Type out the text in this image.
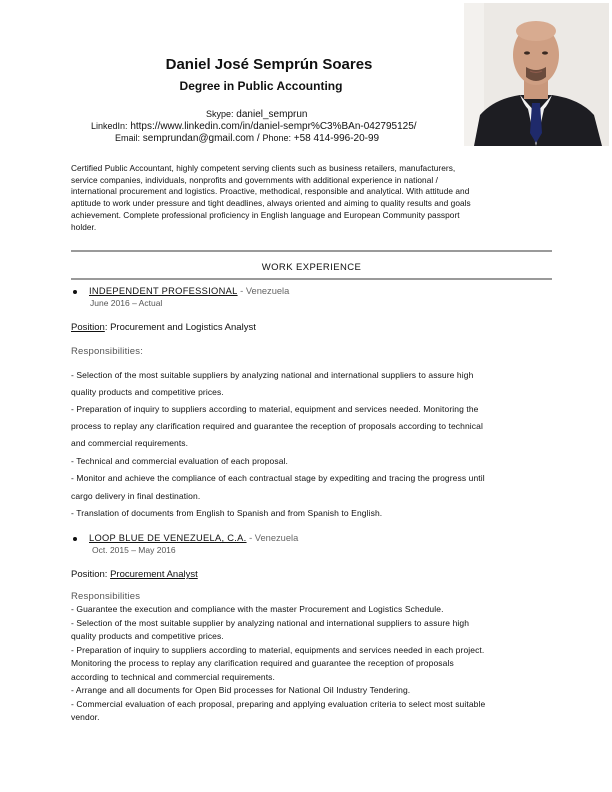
Daniel José Semprún Soares
Degree in Public Accounting
Skype: daniel_semprun
LinkedIn: https://www.linkedin.com/in/daniel-sempr%C3%BAn-042795125/
Email: semprundan@gmail.com / Phone: +58 414-996-20-99
Certified Public Accountant, highly competent serving clients such as business retailers, manufacturers,
service companies, individuals, nonprofits and governments with additional experience in national /
international procurement and logistics. Proactive, methodical, responsible and analytical. With attitude and
aptitude to work under pressure and tight deadlines, always oriented and aiming to quality results and goals
achievement. Complete professional proficiency in English language and European Community passport
holder.
WORK EXPERIENCE
INDEPENDENT PROFESSIONAL - Venezuela
June 2016 – Actual
Position: Procurement and Logistics Analyst
Responsibilities:
- Selection of the most suitable suppliers by analyzing national and international suppliers to assure high
quality products and competitive prices.
- Preparation of inquiry to suppliers according to material, equipment and services needed. Monitoring the
process to replay any clarification required and guarantee the reception of proposals according to technical
and commercial requirements.
- Technical and commercial evaluation of each proposal.
- Monitor and achieve the compliance of each contractual stage by expediting and tracing the progress until
cargo delivery in final destination.
- Translation of documents from English to Spanish and from Spanish to English.
LOOP BLUE DE VENEZUELA, C.A. - Venezuela
Oct. 2015 – May 2016
Position: Procurement Analyst
Responsibilities
- Guarantee the execution and compliance with the master Procurement and Logistics Schedule.
- Selection of the most suitable supplier by analyzing national and international suppliers to assure high
quality products and competitive prices.
- Preparation of inquiry to suppliers according to material, equipments and services needed in each project.
Monitoring the process to replay any clarification required and guarantee the reception of proposals
according to technical and commercial requirements.
- Arrange and all documents for Open Bid processes for National Oil Industry Tendering.
- Commercial evaluation of each proposal, preparing and applying evaluation criteria to select most suitable
vendor.
